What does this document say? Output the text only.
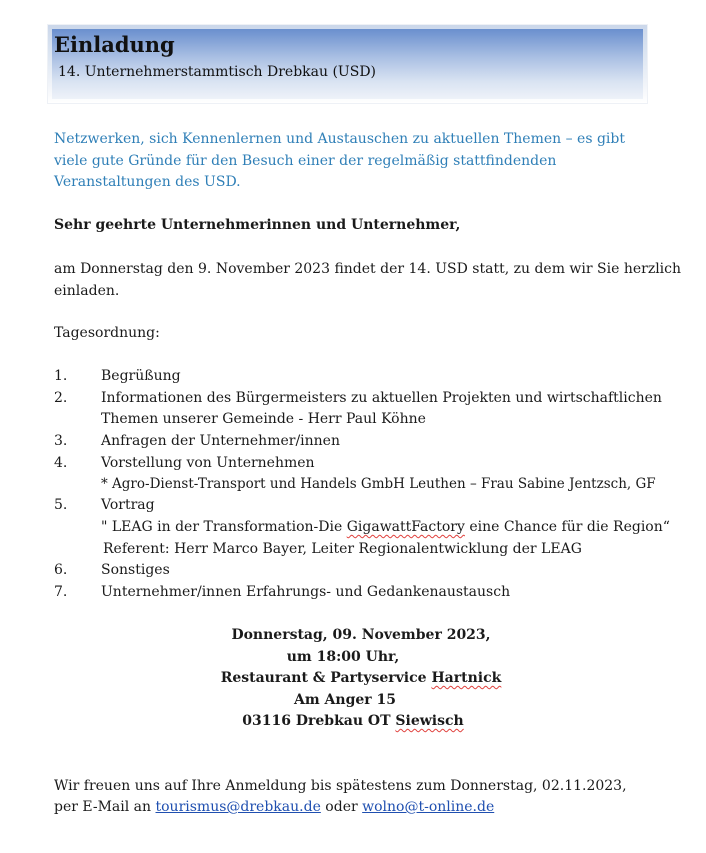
Einladung
14. Unternehmerstammtisch Drebkau (USD)
Netzwerken, sich Kennenlernen und Austauschen zu aktuellen Themen – es gibt viele gute Gründe für den Besuch einer der regelmäßig stattfindenden Veranstaltungen des USD.
Sehr geehrte Unternehmerinnen und Unternehmer,
am Donnerstag den 9. November 2023 findet der 14. USD statt, zu dem wir Sie herzlich
einladen.
Tagesordnung:
1. Begrüßung
2. Informationen des Bürgermeisters zu aktuellen Projekten und wirtschaftlichen
Themen unserer Gemeinde - Herr Paul Köhne
3. Anfragen der Unternehmer/innen
4. Vorstellung von Unternehmen
* Agro-Dienst-Transport und Handels GmbH Leuthen – Frau Sabine Jentzsch, GF
5. Vortrag
" LEAG in der Transformation-Die GigawattFactory eine Chance für die Region“
Referent: Herr Marco Bayer, Leiter Regionalentwicklung der LEAG
6. Sonstiges
7. Unternehmer/innen Erfahrungs- und Gedankenaustausch
Donnerstag, 09. November 2023,
um 18:00 Uhr,
Restaurant & Partyservice Hartnick
Am Anger 15
03116 Drebkau OT Siewisch
Wir freuen uns auf Ihre Anmeldung bis spätestens zum Donnerstag, 02.11.2023,
per E-Mail an tourismus@drebkau.de oder wolno@t-online.de
